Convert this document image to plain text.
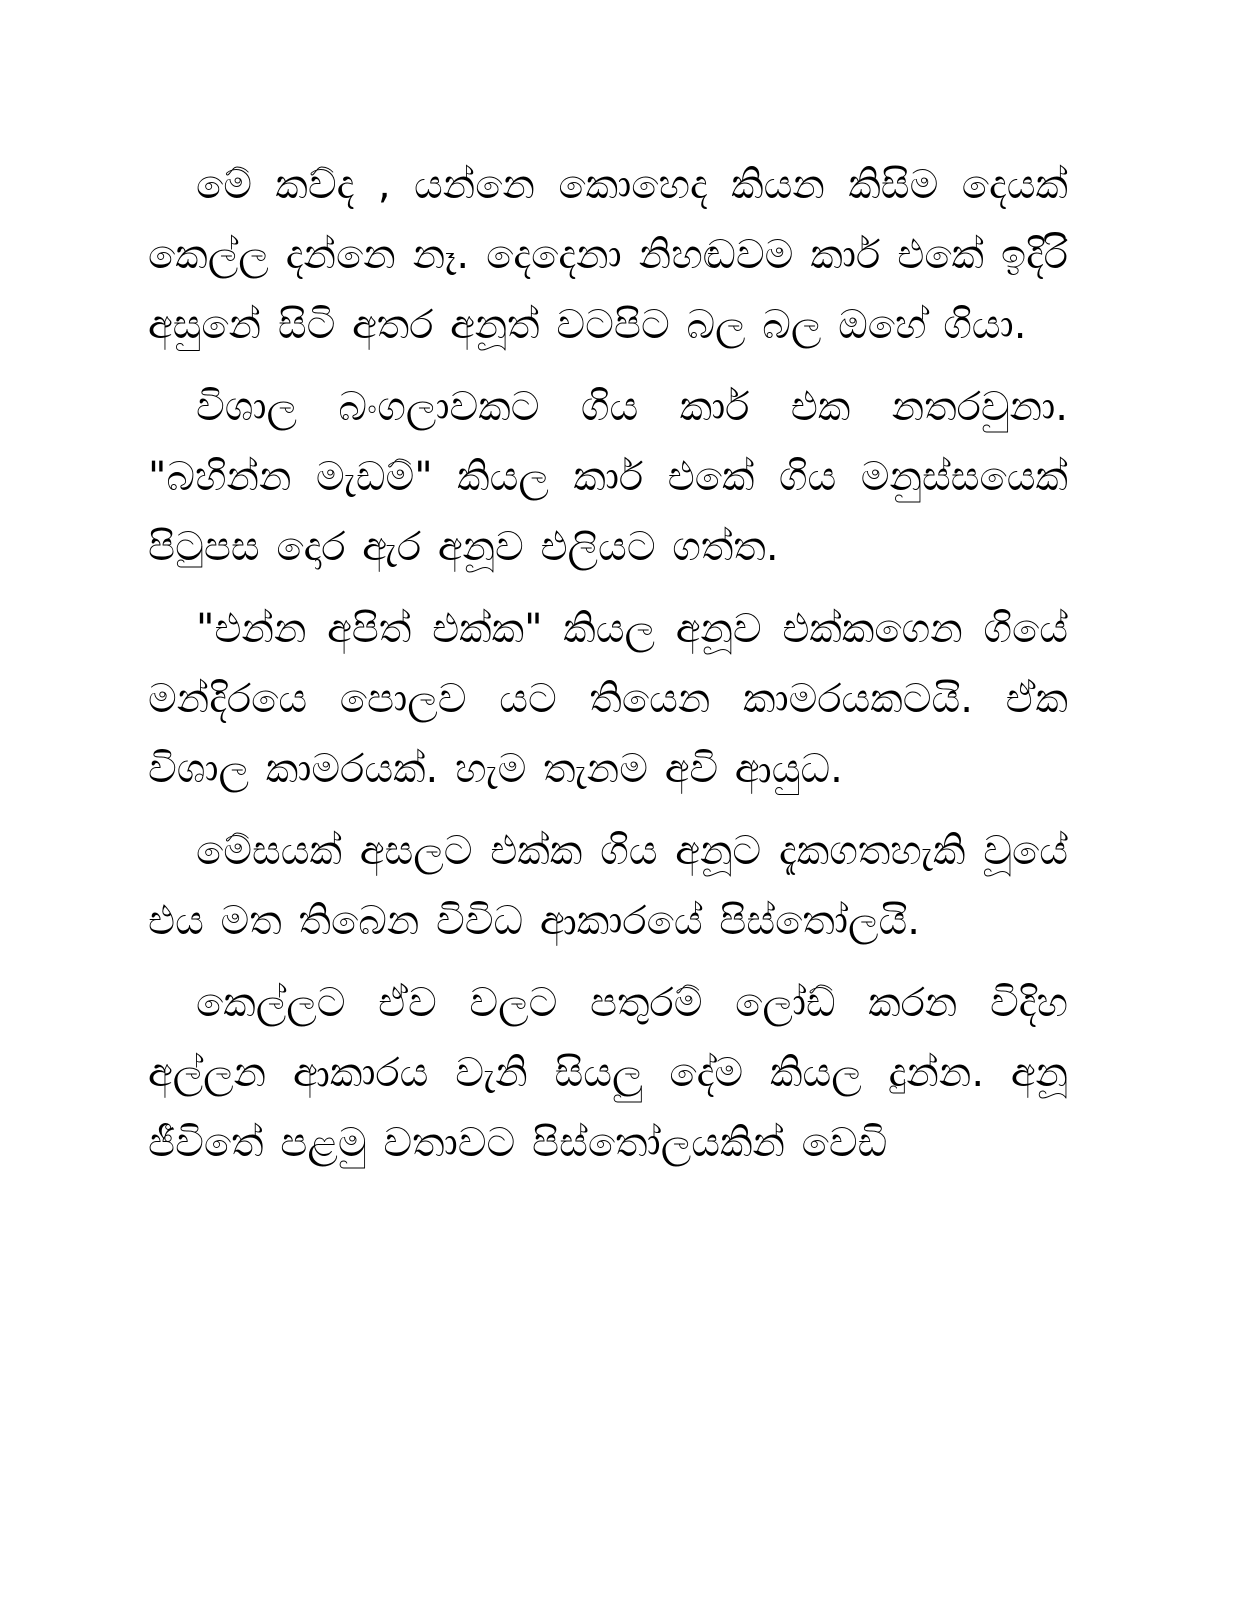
මේ කව්ද , යන්නෙ කොහෙද කියන කිසිම දෙයක් කෙල්ල දන්නෙ නෑ. දෙදෙනා නිහඬවම කාර් එකේ ඉදිරි අසුනේ සිටි අතර අනූත් වටපිට බල බල ඔහේ ගියා.

විශාල බංගලාවකට ගිය කාර් එක නතරවුනා. "බහින්න මැඩම්" කියල කාර් එකේ ගිය මනුස්සයෙක් පිටුපස දොර ඇර අනූව එලියට ගත්ත.

"එන්න අපිත් එක්ක" කියල අනූව එක්කගෙන ගියේ මන්දිරයෙ පොලව යට තියෙන කාමරයකටයි. ඒක විශාල කාමරයක්. හැම තැනම අවි ආයුධ.

මේසයක් අසලට එක්ක ගිය අනූට දැකගතහැකි වූයේ එය මත තිබෙන විවිධ ආකාරයේ පිස්තෝලයි.

කෙල්ලට ඒව වලට පතුරම් ලෝඩ් කරන විදිහ අල්ලන ආකාරය වැනි සියලු දේම කියල දුන්න. අනූ ජීවිතේ පළමු වතාවට පිස්තෝලයකින් වෙඩි
